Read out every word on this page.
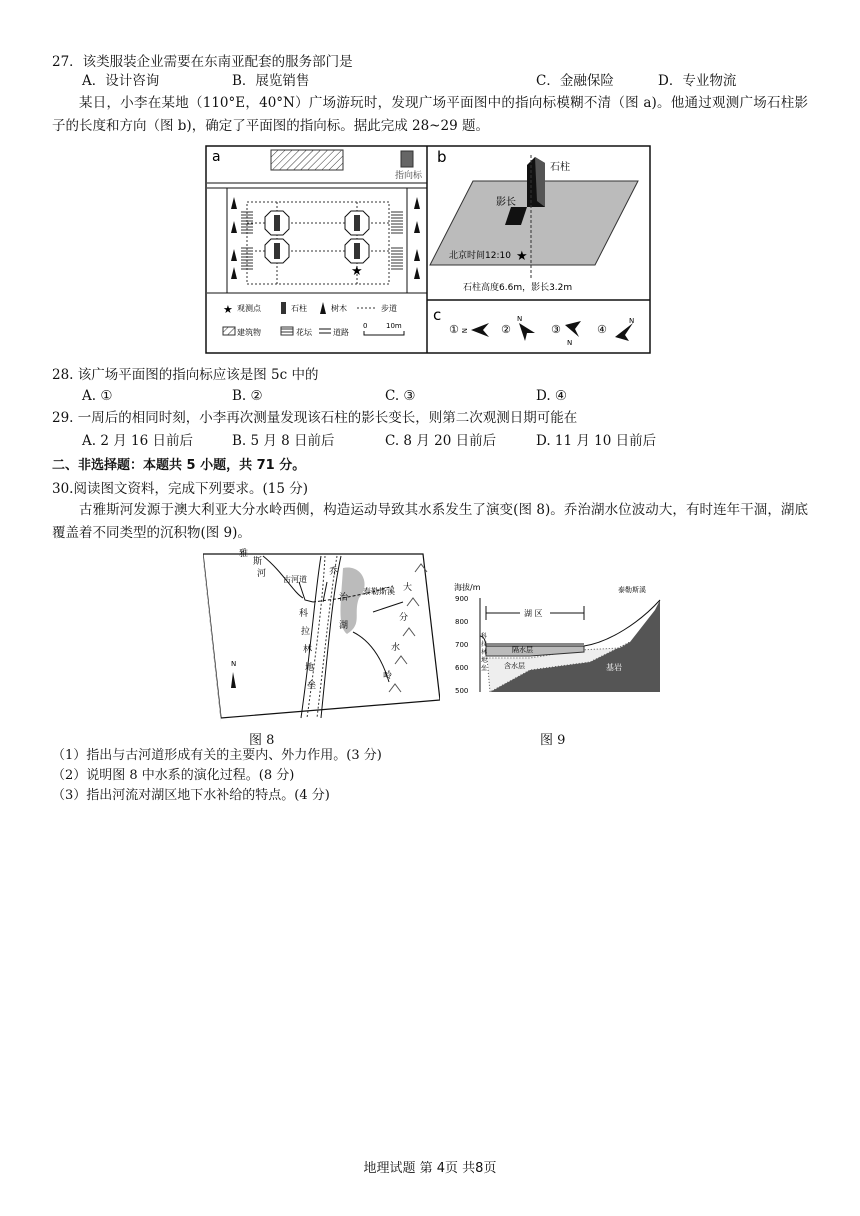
27．该类服装企业需要在东南亚配套的服务部门是
A．设计咨询	B．展览销售	C．金融保险	D．专业物流
某日，小李在某地（110°E，40°N）广场游玩时，发现广场平面图中的指向标模糊不清（图 a)。他通过观测广场石柱影子的长度和方向（图 b)，确定了平面图的指向标。据此完成 28~29 题。
a
指向标
★
★ 观测点	石柱	树木	步道
建筑物	花坛	道路
0	10m
b
石柱
影长
北京时间12:10 ★
石柱高度6.6m，影长3.2m
c
① N	②
N
③
N
④
N
28. 该广场平面图的指向标应该是图 5c 中的
A. ①	B. ②	C. ③	D. ④
29. 一周后的相同时刻，小李再次测量发现该石柱的影长变长，则第二次观测日期可能在
A. 2 月 16 日前后	B. 5 月 8 日前后	C. 8 月 20 日前后	D. 11 月 10 日前后
二、非选择题：本题共 5 小题，共 71 分。
30.阅读图文资料，完成下列要求。(15 分)
古雅斯河发源于澳大利亚大分水岭西侧，构造运动导致其水系发生了演变(图 8)。乔治湖水位波动大，有时连年干涸，湖底覆盖着不同类型的沉积物(图 9)。
雅
斯
河
古河道
乔
治
湖
泰勒斯溪
科
拉
林
地
垒
大
分
水
岭
N
图 8
海拔/m
900
800
700
600
500
湖 区
泰勒斯溪
隔水层
含水层	基岩
科
拉
林
地
垒
图 9
（1）指出与古河道形成有关的主要内、外力作用。(3 分)
（2）说明图 8 中水系的演化过程。(8 分)
（3）指出河流对湖区地下水补给的特点。(4 分)
地理试题 第 4页 共8页
